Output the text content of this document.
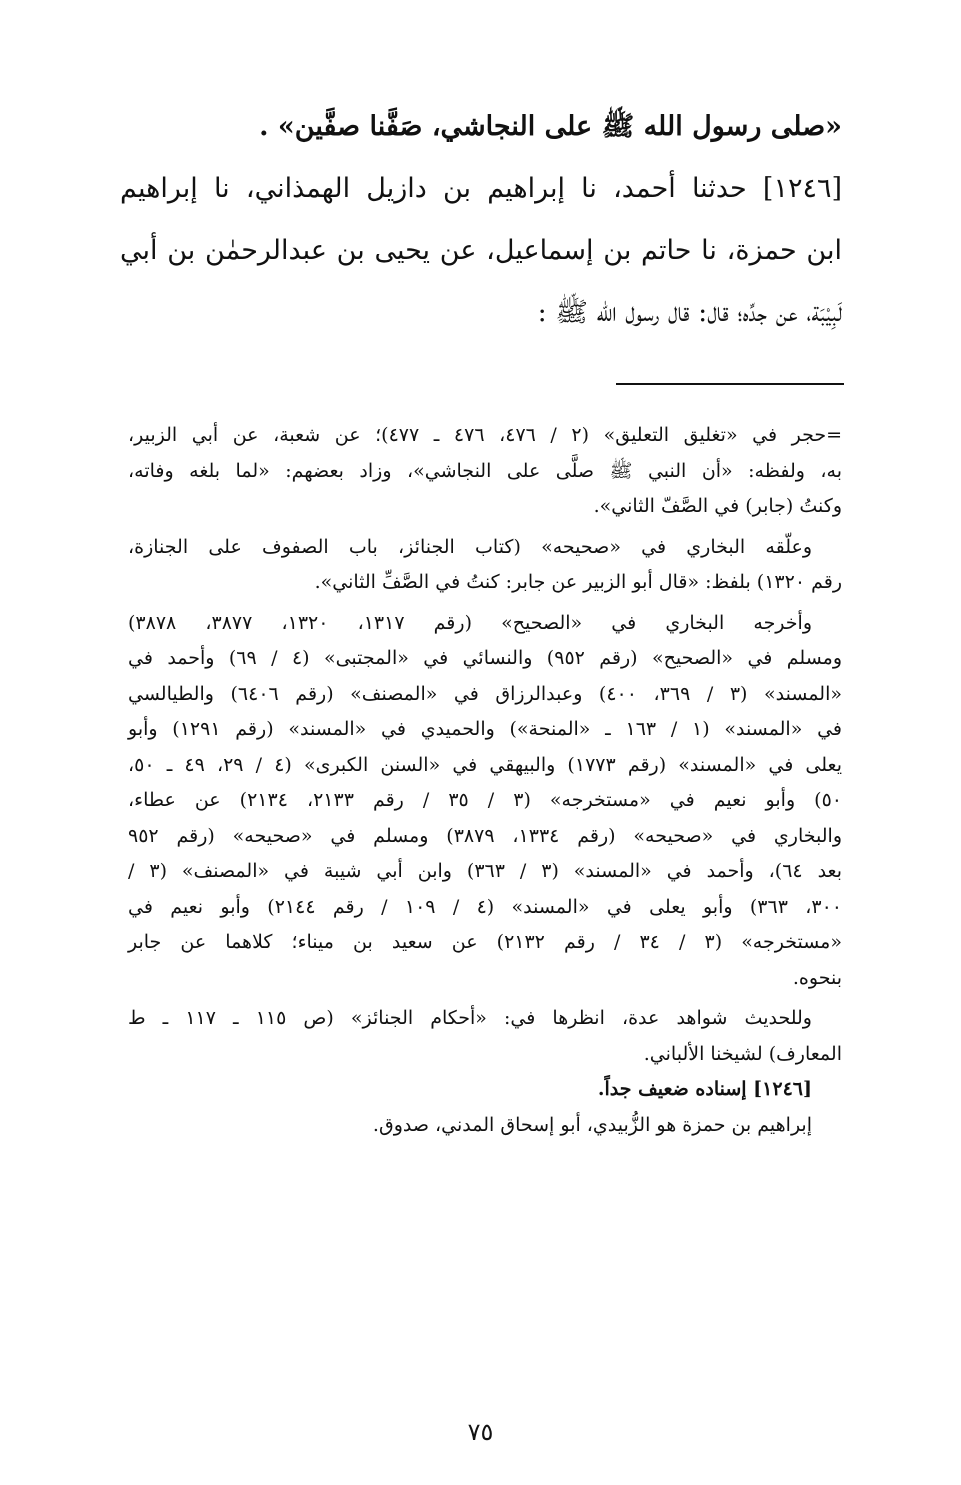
«صلى رسول الله ﷺ على النجاشي، صَفَّنا صفَّين» .
[١٢٤٦] حدثنا أحمد، نا إبراهيم بن دازيل الهمذاني، نا إبراهيم
ابن حمزة، نا حاتم بن إسماعيل، عن يحيى بن عبدالرحمٰن بن أبي
لَبِيْبَة، عن جدِّه؛ قال: قال رسول الله ﷺ :
=حجر في «تغليق التعليق» (٢ / ٤٧٦، ٤٧٦ ـ ٤٧٧)؛ عن شعبة، عن أبي الزبير،
به، ولفظه: «أن النبي ﷺ صلَّى على النجاشي»، وزاد بعضهم: «لما بلغه وفاته،
وكنتُ (جابر) في الصَّفّ الثاني».
وعلّقه البخاري في «صحيحه» (كتاب الجنائز، باب الصفوف على الجنازة،
رقم ١٣٢٠) بلفظ: «قال أبو الزبير عن جابر: كنتُ في الصَّفِّ الثاني».
وأخرجه البخاري في «الصحيح» (رقم ١٣١٧، ١٣٢٠، ٣٨٧٧، ٣٨٧٨)
ومسلم في «الصحيح» (رقم ٩٥٢) والنسائي في «المجتبى» (٤ / ٦٩) وأحمد في
«المسند» (٣ / ٣٦٩، ٤٠٠) وعبدالرزاق في «المصنف» (رقم ٦٤٠٦) والطيالسي
في «المسند» (١ / ١٦٣ ـ «المنحة») والحميدي في «المسند» (رقم ١٢٩١) وأبو
يعلى في «المسند» (رقم ١٧٧٣) والبيهقي في «السنن الكبرى» (٤ / ٢٩، ٤٩ ـ ٥٠،
٥٠) وأبو نعيم في «مستخرجه» (٣ / ٣٥ / رقم ٢١٣٣، ٢١٣٤) عن عطاء،
والبخاري في «صحيحه» (رقم ١٣٣٤، ٣٨٧٩) ومسلم في «صحيحه» (رقم ٩٥٢
بعد ٦٤)، وأحمد في «المسند» (٣ / ٣٦٣) وابن أبي شيبة في «المصنف» (٣ /
٣٠٠، ٣٦٣) وأبو يعلى في «المسند» (٤ / ١٠٩ / رقم ٢١٤٤) وأبو نعيم في
«مستخرجه» (٣ / ٣٤ / رقم ٢١٣٢) عن سعيد بن ميناء؛ كلاهما عن جابر
بنحوه.
وللحديث شواهد عدة، انظرها في: «أحكام الجنائز» (ص ١١٥ ـ ١١٧ ـ ط
المعارف) لشيخنا الألباني.
[١٢٤٦] إسناده ضعيف جداً.
إبراهيم بن حمزة هو الزُّبيدي، أبو إسحاق المدني، صدوق.
٧٥
